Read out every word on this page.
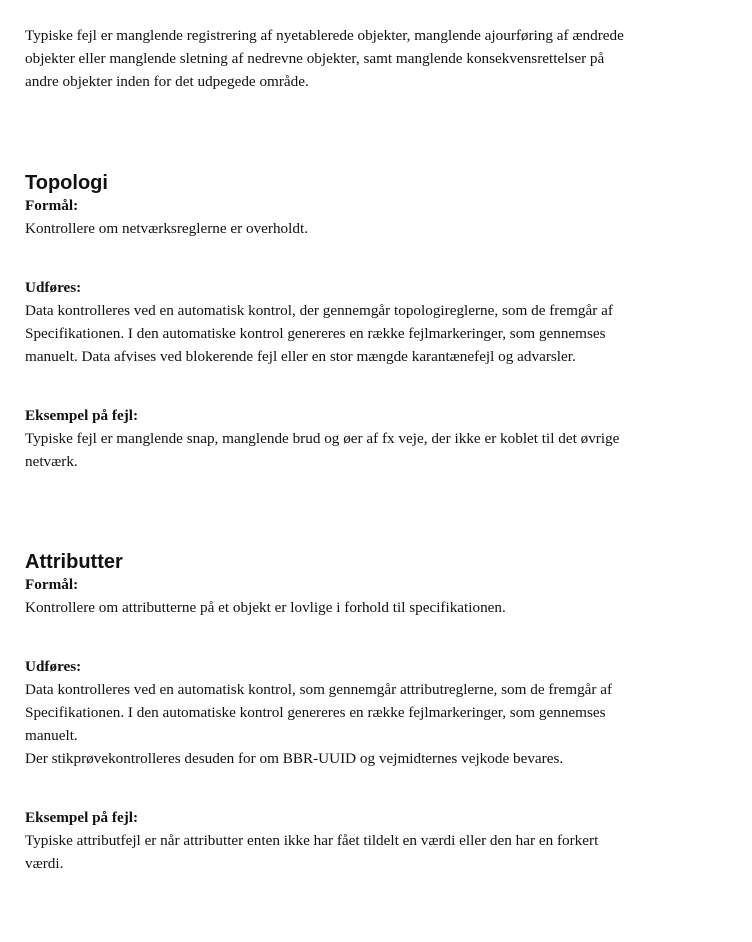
Typiske fejl er manglende registrering af nyetablerede objekter, manglende ajourføring af ændrede
objekter eller manglende sletning af nedrevne objekter, samt manglende konsekvensrettelser på
andre objekter inden for det udpegede område.

Topologi

Formål:

Kontrollere om netværksreglerne er overholdt.

Udføres:

Data kontrolleres ved en automatisk kontrol, der gennemgår topologireglerne, som de fremgår af
Specifikationen. I den automatiske kontrol genereres en række fejlmarkeringer, som gennemses
manuelt. Data afvises ved blokerende fejl eller en stor mængde karantænefejl og advarsler.

Eksempel på fejl:

Typiske fejl er manglende snap, manglende brud og øer af fx veje, der ikke er koblet til det øvrige
netværk.

Attributter

Formål:

Kontrollere om attributterne på et objekt er lovlige i forhold til specifikationen.

Udføres:

Data kontrolleres ved en automatisk kontrol, som gennemgår attributreglerne, som de fremgår af
Specifikationen. I den automatiske kontrol genereres en række fejlmarkeringer, som gennemses
manuelt.
Der stikprøvekontrolleres desuden for om BBR-UUID og vejmidternes vejkode bevares.

Eksempel på fejl:

Typiske attributfejl er når attributter enten ikke har fået tildelt en værdi eller den har en forkert
værdi.
